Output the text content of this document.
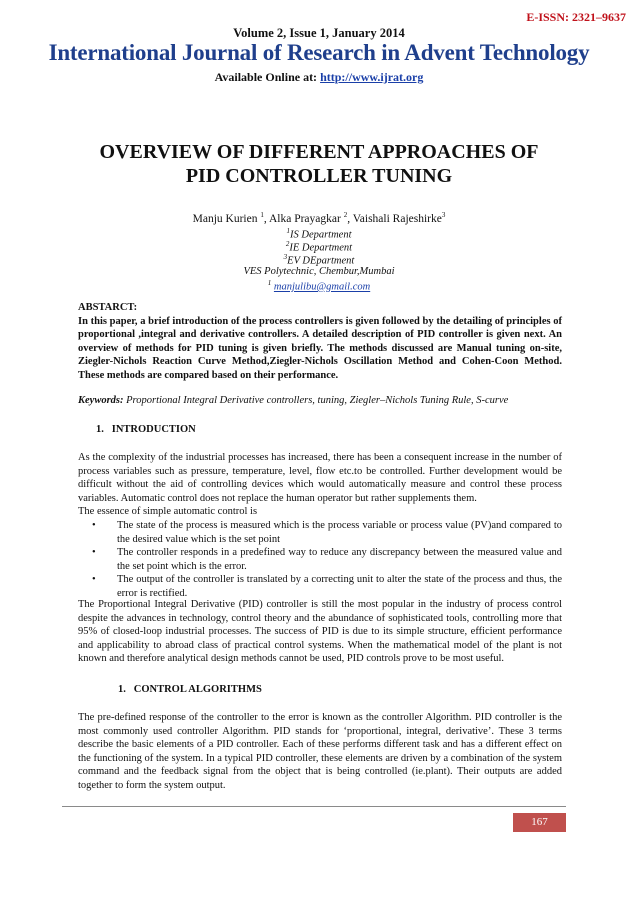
E-ISSN: 2321–9637
Volume 2, Issue 1, January 2014
International Journal of Research in Advent Technology
Available Online at: http://www.ijrat.org
OVERVIEW OF DIFFERENT APPROACHES OF
PID CONTROLLER TUNING
Manju Kurien $^1$, Alka Prayagkar $^2$, Vaishali Rajeshirke$^3$
$^1$IS Department
$^2$IE Department
$^3$EV DEpartment
VES Polytechnic, Chembur,Mumbai
$^1$ manjulibu@gmail.com
ABSTARCT:
In this paper, a brief introduction of the process controllers is given followed by the detailing of principles of proportional ,integral and derivative controllers. A detailed description of PID controller is given next. An overview of methods for PID tuning is given briefly. The methods discussed are Manual tuning on-site, Ziegler-Nichols Reaction Curve Method,Ziegler-Nichols Oscillation Method and Cohen-Coon Method. These methods are compared based on their performance.
Keywords: Proportional Integral Derivative controllers, tuning, Ziegler–Nichols Tuning Rule, S-curve
1. INTRODUCTION
As the complexity of the industrial processes has increased, there has been a consequent increase in the number of process variables such as pressure, temperature, level, flow etc.to be controlled. Further development would be difficult without the aid of controlling devices which would automatically measure and control these process variables. Automatic control does not replace the human operator but rather supplements them.
The essence of simple automatic control is
• The state of the process is measured which is the process variable or process value (PV)and compared to the desired value which is the set point
• The controller responds in a predefined way to reduce any discrepancy between the measured value and the set point which is the error.
• The output of the controller is translated by a correcting unit to alter the state of the process and thus, the error is rectified.
The Proportional Integral Derivative (PID) controller is still the most popular in the industry of process control despite the advances in technology, control theory and the abundance of sophisticated tools, controlling more that 95% of closed-loop industrial processes. The success of PID is due to its simple structure, efficient performance and applicability to abroad class of practical control systems. When the mathematical model of the plant is not known and therefore analytical design methods cannot be used, PID controls prove to be most useful.
1. CONTROL ALGORITHMS
The pre-defined response of the controller to the error is known as the controller Algorithm. PID controller is the most commonly used controller Algorithm. PID stands for ‘proportional, integral, derivative’. These 3 terms describe the basic elements of a PID controller. Each of these performs different task and has a different effect on the functioning of the system. In a typical PID controller, these elements are driven by a combination of the system command and the feedback signal from the object that is being controlled (ie.plant). Their outputs are added together to form the system output.
167
